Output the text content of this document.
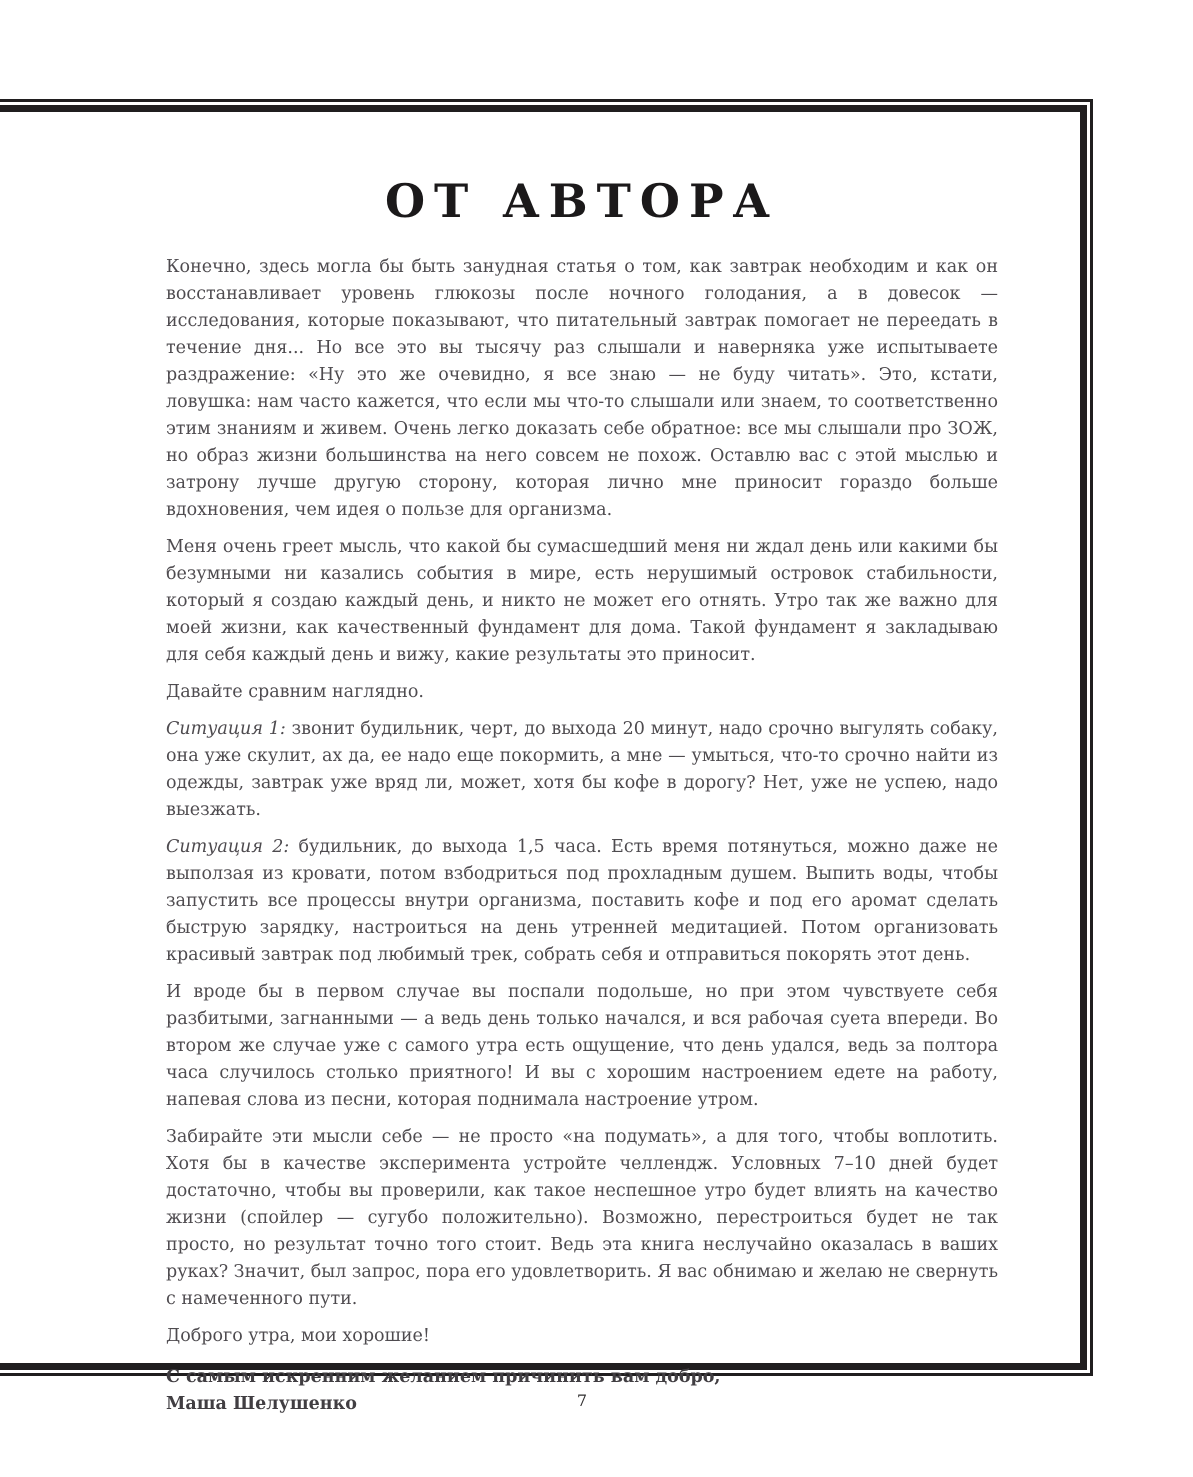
ОТ АВТОРА

Конечно, здесь могла бы быть занудная статья о том, как завтрак необходим и как он восстанавливает уровень глюкозы после ночного голодания, а в довесок — исследования, которые показывают, что питательный завтрак помогает не переедать в течение дня... Но все это вы тысячу раз слышали и наверняка уже испытываете раздражение: «Ну это же очевидно, я все знаю — не буду читать». Это, кстати, ловушка: нам часто кажется, что если мы что-то слышали или знаем, то соответственно этим знаниям и живем. Очень легко доказать себе обратное: все мы слышали про ЗОЖ, но образ жизни большинства на него совсем не похож. Оставлю вас с этой мыслью и затрону лучше другую сторону, которая лично мне приносит гораздо больше вдохновения, чем идея о пользе для организма.

Меня очень греет мысль, что какой бы сумасшедший меня ни ждал день или какими бы безумными ни казались события в мире, есть нерушимый островок стабильности, который я создаю каждый день, и никто не может его отнять. Утро так же важно для моей жизни, как качественный фундамент для дома. Такой фундамент я закладываю для себя каждый день и вижу, какие результаты это приносит.

Давайте сравним наглядно.

Ситуация 1: звонит будильник, черт, до выхода 20 минут, надо срочно выгулять собаку, она уже скулит, ах да, ее надо еще покормить, а мне — умыться, что-то срочно найти из одежды, завтрак уже вряд ли, может, хотя бы кофе в дорогу? Нет, уже не успею, надо выезжать.

Ситуация 2: будильник, до выхода 1,5 часа. Есть время потянуться, можно даже не выползая из кровати, потом взбодриться под прохладным душем. Выпить воды, чтобы запустить все процессы внутри организма, поставить кофе и под его аромат сделать быструю зарядку, настроиться на день утренней медитацией. Потом организовать красивый завтрак под любимый трек, собрать себя и отправиться покорять этот день.

И вроде бы в первом случае вы поспали подольше, но при этом чувствуете себя разбитыми, загнанными — а ведь день только начался, и вся рабочая суета впереди. Во втором же случае уже с самого утра есть ощущение, что день удался, ведь за полтора часа случилось столько приятного! И вы с хорошим настроением едете на работу, напевая слова из песни, которая поднимала настроение утром.

Забирайте эти мысли себе — не просто «на подумать», а для того, чтобы воплотить. Хотя бы в качестве эксперимента устройте челлендж. Условных 7–10 дней будет достаточно, чтобы вы проверили, как такое неспешное утро будет влиять на качество жизни (спойлер — сугубо положительно). Возможно, перестроиться будет не так просто, но результат точно того стоит. Ведь эта книга неслучайно оказалась в ваших руках? Значит, был запрос, пора его удовлетворить. Я вас обнимаю и желаю не свернуть с намеченного пути.

Доброго утра, мои хорошие!

С самым искренним желанием причинить вам добро,
Маша Шелушенко	7
